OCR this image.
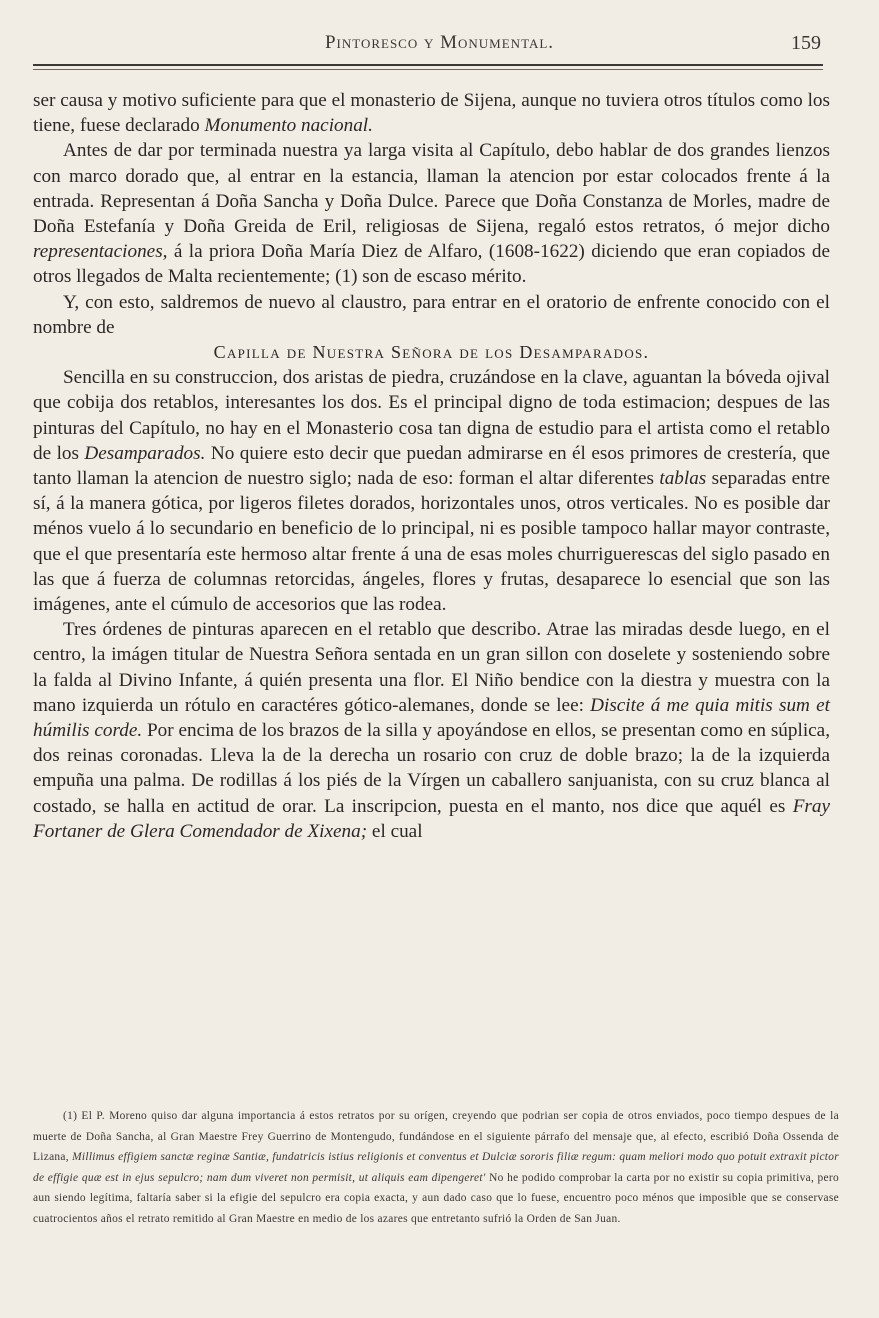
Pintoresco y Monumental.	159

ser causa y motivo suficiente para que el monasterio de Sijena, aunque no tuviera otros títulos como los tiene, fuese declarado Monumento nacional.

Antes de dar por terminada nuestra ya larga visita al Capítulo, debo hablar de dos grandes lienzos con marco dorado que, al entrar en la estancia, llaman la atencion por estar colocados frente á la entrada. Representan á Doña Sancha y Doña Dulce. Parece que Doña Constanza de Morles, madre de Doña Estefanía y Doña Greida de Eril, religiosas de Sijena, regaló estos retratos, ó mejor dicho representaciones, á la priora Doña María Diez de Alfaro, (1608-1622) diciendo que eran copiados de otros llegados de Malta recientemente; (1) son de escaso mérito.

Y, con esto, saldremos de nuevo al claustro, para entrar en el oratorio de enfrente conocido con el nombre de

Capilla de Nuestra Señora de los Desamparados.

Sencilla en su construccion, dos aristas de piedra, cruzándose en la clave, aguantan la bóveda ojival que cobija dos retablos, interesantes los dos. Es el principal digno de toda estimacion; despues de las pinturas del Capítulo, no hay en el Monasterio cosa tan digna de estudio para el artista como el retablo de los Desamparados. No quiere esto decir que puedan admirarse en él esos primores de crestería, que tanto llaman la atencion de nuestro siglo; nada de eso: forman el altar diferentes tablas separadas entre sí, á la manera gótica, por ligeros filetes dorados, horizontales unos, otros verticales. No es posible dar ménos vuelo á lo secundario en beneficio de lo principal, ni es posible tampoco hallar mayor contraste, que el que presentaría este hermoso altar frente á una de esas moles churriguerescas del siglo pasado en las que á fuerza de columnas retorcidas, ángeles, flores y frutas, desaparece lo esencial que son las imágenes, ante el cúmulo de accesorios que las rodea.

Tres órdenes de pinturas aparecen en el retablo que describo. Atrae las miradas desde luego, en el centro, la imágen titular de Nuestra Señora sentada en un gran sillon con doselete y sosteniendo sobre la falda al Divino Infante, á quién presenta una flor. El Niño bendice con la diestra y muestra con la mano izquierda un rótulo en caractéres gótico-alemanes, donde se lee: Discite á me quia mitis sum et húmilis corde. Por encima de los brazos de la silla y apoyándose en ellos, se presentan como en súplica, dos reinas coronadas. Lleva la de la derecha un rosario con cruz de doble brazo; la de la izquierda empuña una palma. De rodillas á los piés de la Vírgen un caballero sanjuanista, con su cruz blanca al costado, se halla en actitud de orar. La inscripcion, puesta en el manto, nos dice que aquél es Fray Fortaner de Glera Comendador de Xixena; el cual

(1) El P. Moreno quiso dar alguna importancia á estos retratos por su orígen, creyendo que podrian ser copia de otros enviados, poco tiempo despues de la muerte de Doña Sancha, al Gran Maestre Frey Guerrino de Montengudo, fundándose en el siguiente párrafo del mensaje que, al efecto, escribió Doña Ossenda de Lizana, Millimus effigiem sanctæ reginæ Santiæ, fundatricis istius religionis et conventus et Dulciæ sororis filiæ regum: quam meliori modo quo potuit extraxit pictor de effigie quæ est in ejus sepulcro; nam dum viveret non permisit, ut aliquis eam dipengeret' No he podido comprobar la carta por no existir su copia primitiva, pero aun siendo legítima, faltaría saber si la efigie del sepulcro era copia exacta, y aun dado caso que lo fuese, encuentro poco ménos que imposible que se conservase cuatrocientos años el retrato remitido al Gran Maestre en medio de los azares que entretanto sufrió la Orden de San Juan.
